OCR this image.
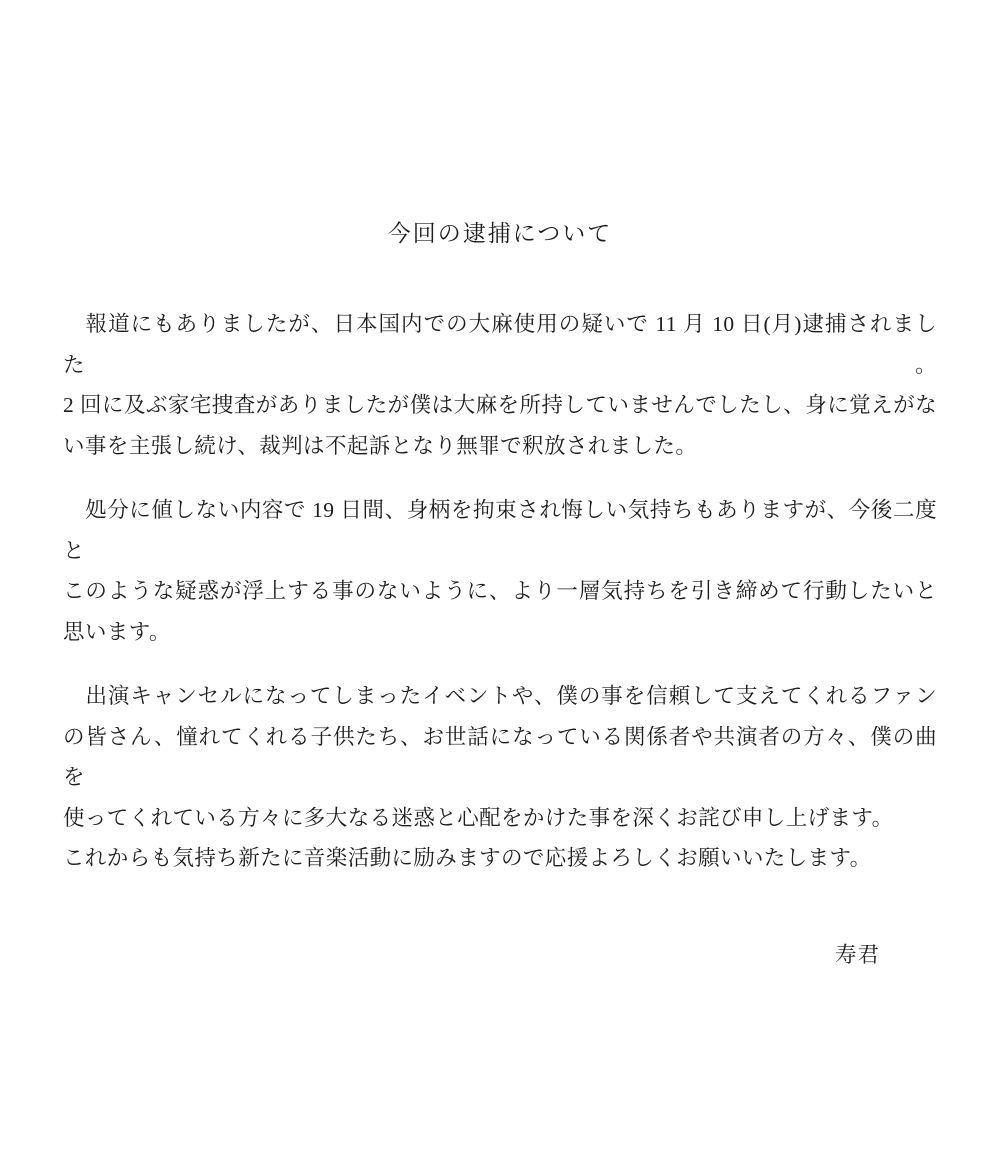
今回の逮捕について

　報道にもありましたが、日本国内での大麻使用の疑いで 11 月 10 日(月)逮捕されました。

2 回に及ぶ家宅捜査がありましたが僕は大麻を所持していませんでしたし、身に覚えがな

い事を主張し続け、裁判は不起訴となり無罪で釈放されました。

　処分に値しない内容で 19 日間、身柄を拘束され悔しい気持ちもありますが、今後二度と

このような疑惑が浮上する事のないように、より一層気持ちを引き締めて行動したいと

思います。

　出演キャンセルになってしまったイベントや、僕の事を信頼して支えてくれるファン

の皆さん、憧れてくれる子供たち、お世話になっている関係者や共演者の方々、僕の曲を

使ってくれている方々に多大なる迷惑と心配をかけた事を深くお詫び申し上げます。

これからも気持ち新たに音楽活動に励みますので応援よろしくお願いいたします。

寿君
